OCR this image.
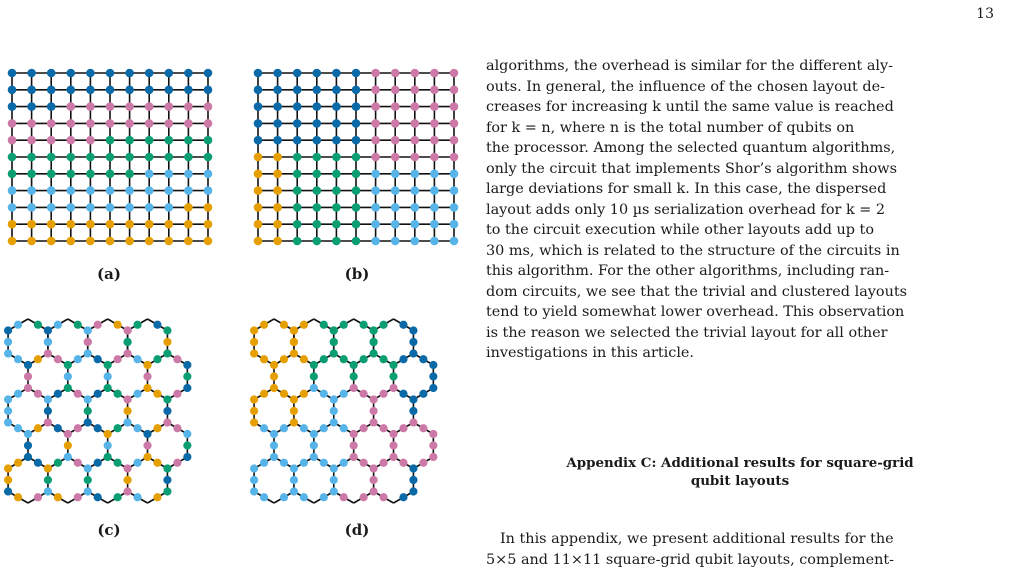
13
(a)	(b)
(c)	(d)

algorithms, the overhead is similar for the different aly-
outs. In general, the influence of the chosen layout de-
creases for increasing k until the same value is reached
for k = n, where n is the total number of qubits on
the processor. Among the selected quantum algorithms,
only the circuit that implements Shor’s algorithm shows
large deviations for small k. In this case, the dispersed
layout adds only 10 µs serialization overhead for k = 2
to the circuit execution while other layouts add up to
30 ms, which is related to the structure of the circuits in
this algorithm. For the other algorithms, including ran-
dom circuits, we see that the trivial and clustered layouts
tend to yield somewhat lower overhead. This observation
is the reason we selected the trivial layout for all other
investigations in this article.

Appendix C: Additional results for square-grid
qubit layouts
In this appendix, we present additional results for the
5×5 and 11×11 square-grid qubit layouts, complement-
